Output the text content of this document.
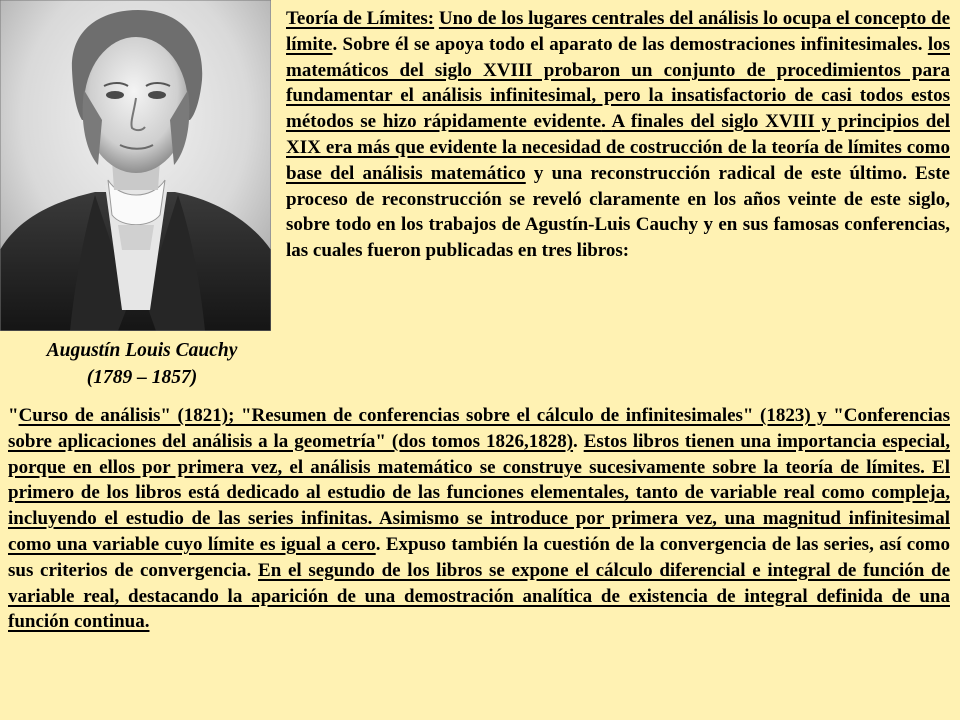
Augustín Louis Cauchy
(1789 – 1857)

Teoría de Límites: Uno de los lugares centrales del análisis lo ocupa el concepto de límite. Sobre él se apoya todo el aparato de las demostraciones infinitesimales. los matemáticos del siglo XVIII probaron un conjunto de procedimientos para fundamentar el análisis infinitesimal, pero la insatisfactorio de casi todos estos métodos se hizo rápidamente evidente. A finales del siglo XVIII y principios del XIX era más que evidente la necesidad de costrucción de la teoría de límites como base del análisis matemático y una reconstrucción radical de este último. Este proceso de reconstrucción se reveló claramente en los años veinte de este siglo, sobre todo en los trabajos de Agustín-Luis Cauchy y en sus famosas conferencias, las cuales fueron publicadas en tres libros:

"Curso de análisis" (1821); "Resumen de conferencias sobre el cálculo de infinitesimales" (1823) y "Conferencias sobre aplicaciones del análisis a la geometría" (dos tomos 1826,1828). Estos libros tienen una importancia especial, porque en ellos por primera vez, el análisis matemático se construye sucesivamente sobre la teoría de límites. El primero de los libros está dedicado al estudio de las funciones elementales, tanto de variable real como compleja, incluyendo el estudio de las series infinitas. Asimismo se introduce por primera vez, una magnitud infinitesimal como una variable cuyo límite es igual a cero. Expuso también la cuestión de la convergencia de las series, así como sus criterios de convergencia. En el segundo de los libros se expone el cálculo diferencial e integral de función de variable real, destacando la aparición de una demostración analítica de existencia de integral definida de una función continua.
